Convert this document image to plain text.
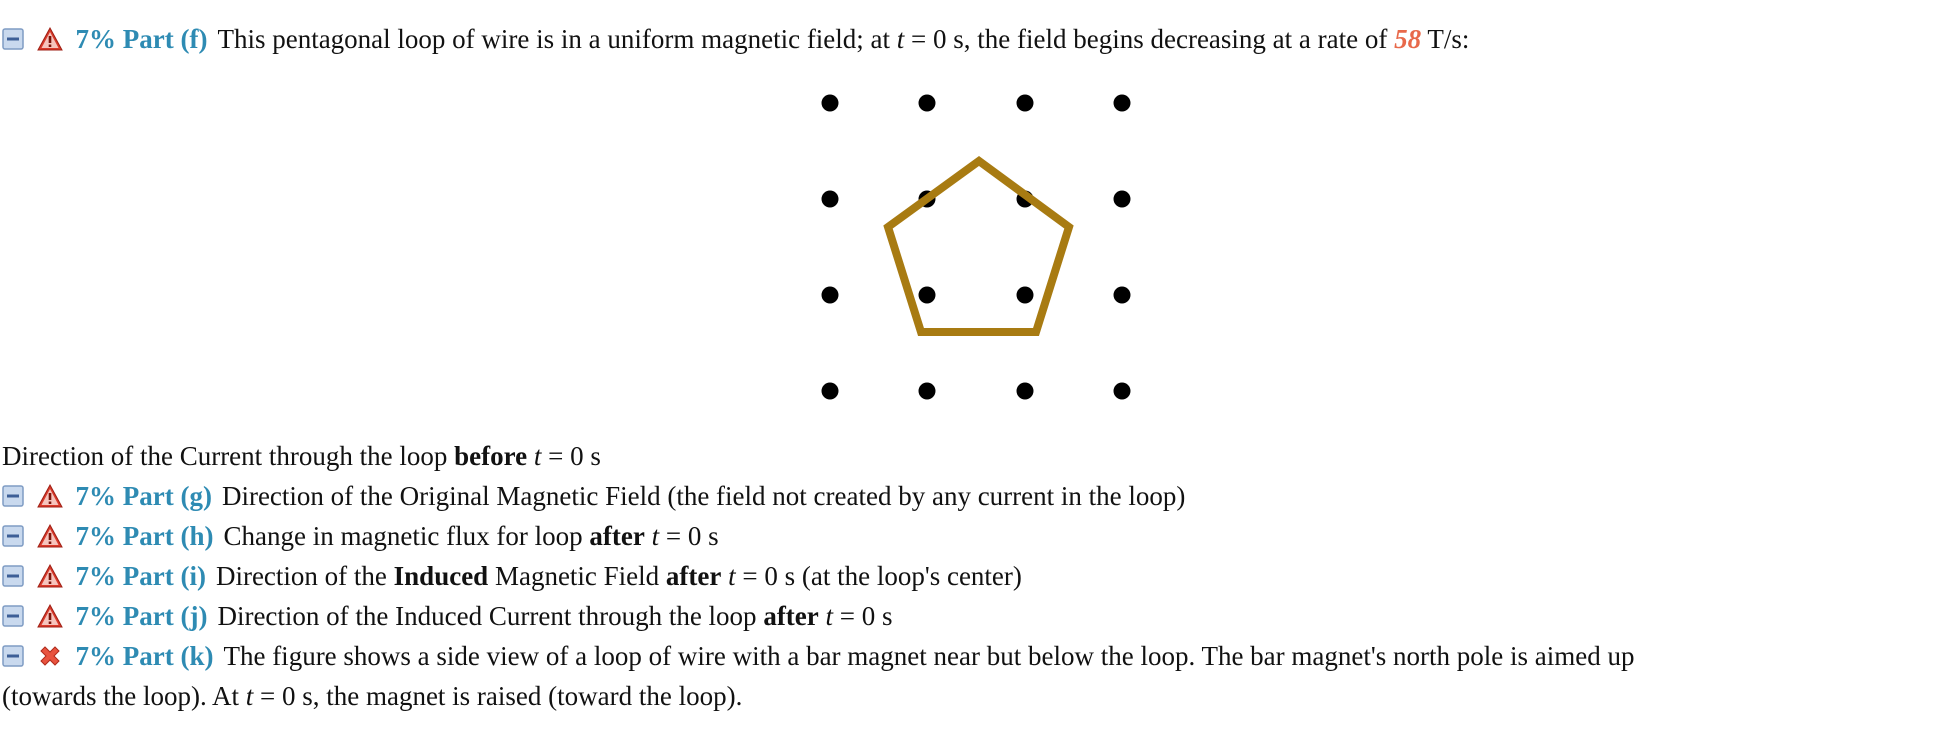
7% Part (f) This pentagonal loop of wire is in a uniform magnetic field; at t = 0 s, the field begins decreasing at a rate of 58 T/s:
Direction of the Current through the loop before t = 0 s

7% Part (g) Direction of the Original Magnetic Field (the field not created by any current in the loop)

7% Part (h) Change in magnetic flux for loop after t = 0 s

7% Part (i) Direction of the Induced Magnetic Field after t = 0 s (at the loop's center)

7% Part (j) Direction of the Induced Current through the loop after t = 0 s

7% Part (k) The figure shows a side view of a loop of wire with a bar magnet near but below the loop. The bar magnet's north pole is aimed up
(towards the loop). At t = 0 s, the magnet is raised (toward the loop).
